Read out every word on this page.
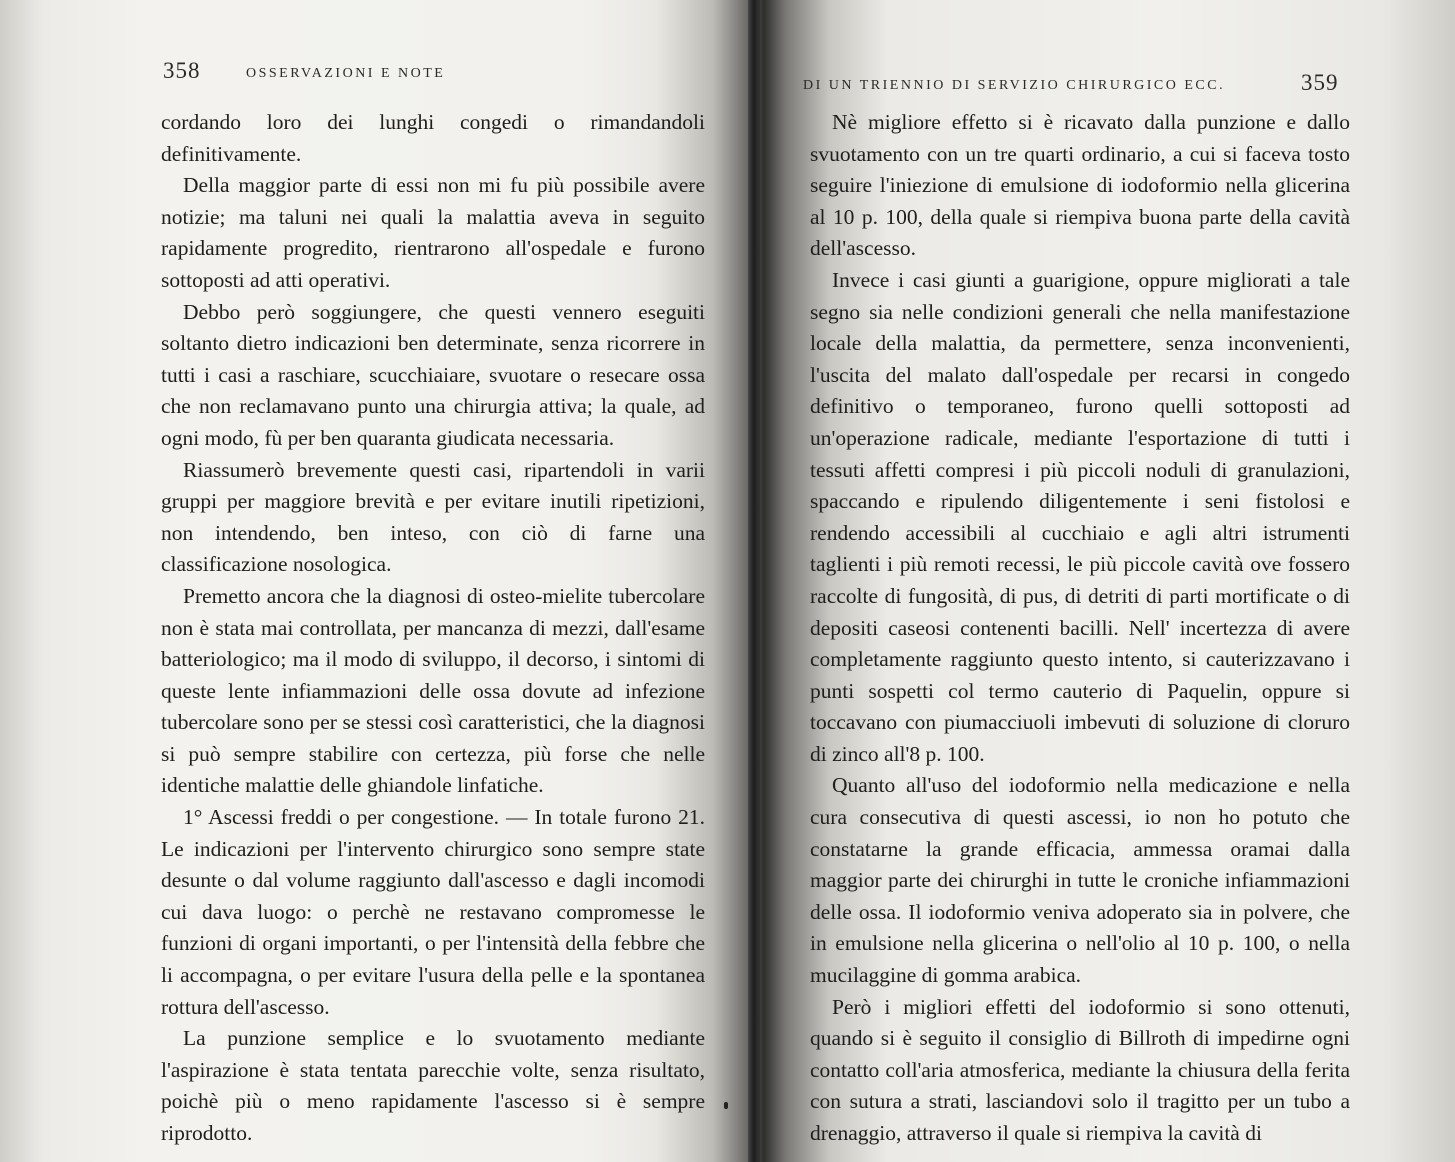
358	OSSERVAZIONI E NOTE

cordando loro dei lunghi congedi o rimandandoli definitivamente.

Della maggior parte di essi non mi fu più possibile avere notizie; ma taluni nei quali la malattia aveva in seguito rapidamente progredito, rientrarono all'ospedale e furono sottoposti ad atti operativi.

Debbo però soggiungere, che questi vennero eseguiti soltanto dietro indicazioni ben determinate, senza ricorrere in tutti i casi a raschiare, scucchiaiare, svuotare o resecare ossa che non reclamavano punto una chirurgia attiva; la quale, ad ogni modo, fù per ben quaranta giudicata necessaria.

Riassumerò brevemente questi casi, ripartendoli in varii gruppi per maggiore brevità e per evitare inutili ripetizioni, non intendendo, ben inteso, con ciò di farne una classificazione nosologica.

Premetto ancora che la diagnosi di osteo-mielite tubercolare non è stata mai controllata, per mancanza di mezzi, dall'esame batteriologico; ma il modo di sviluppo, il decorso, i sintomi di queste lente infiammazioni delle ossa dovute ad infezione tubercolare sono per se stessi così caratteristici, che la diagnosi si può sempre stabilire con certezza, più forse che nelle identiche malattie delle ghiandole linfatiche.

1° Ascessi freddi o per congestione. — In totale furono 21. Le indicazioni per l'intervento chirurgico sono sempre state desunte o dal volume raggiunto dall'ascesso e dagli incomodi cui dava luogo: o perchè ne restavano compromesse le funzioni di organi importanti, o per l'intensità della febbre che li accompagna, o per evitare l'usura della pelle e la spontanea rottura dell'ascesso.

La punzione semplice e lo svuotamento mediante l'aspirazione è stata tentata parecchie volte, senza risultato, poichè più o meno rapidamente l'ascesso si è sempre riprodotto.

DI UN TRIENNIO DI SERVIZIO CHIRURGICO ECC.	359

Nè migliore effetto si è ricavato dalla punzione e dallo svuotamento con un tre quarti ordinario, a cui si faceva tosto seguire l'iniezione di emulsione di iodoformio nella glicerina al 10 p. 100, della quale si riempiva buona parte della cavità dell'ascesso.

Invece i casi giunti a guarigione, oppure migliorati a tale segno sia nelle condizioni generali che nella manifestazione locale della malattia, da permettere, senza inconvenienti, l'uscita del malato dall'ospedale per recarsi in congedo definitivo o temporaneo, furono quelli sottoposti ad un'operazione radicale, mediante l'esportazione di tutti i tessuti affetti compresi i più piccoli noduli di granulazioni, spaccando e ripulendo diligentemente i seni fistolosi e rendendo accessibili al cucchiaio e agli altri istrumenti taglienti i più remoti recessi, le più piccole cavità ove fossero raccolte di fungosità, di pus, di detriti di parti mortificate o di depositi caseosi contenenti bacilli. Nell' incertezza di avere completamente raggiunto questo intento, si cauterizzavano i punti sospetti col termo cauterio di Paquelin, oppure si toccavano con piumacciuoli imbevuti di soluzione di cloruro di zinco all'8 p. 100.

Quanto all'uso del iodoformio nella medicazione e nella cura consecutiva di questi ascessi, io non ho potuto che constatarne la grande efficacia, ammessa oramai dalla maggior parte dei chirurghi in tutte le croniche infiammazioni delle ossa. Il iodoformio veniva adoperato sia in polvere, che in emulsione nella glicerina o nell'olio al 10 p. 100, o nella mucilaggine di gomma arabica.

Però i migliori effetti del iodoformio si sono ottenuti, quando si è seguito il consiglio di Billroth di impedirne ogni contatto coll'aria atmosferica, mediante la chiusura della ferita con sutura a strati, lasciandovi solo il tragitto per un tubo a drenaggio, attraverso il quale si riempiva la cavità di
